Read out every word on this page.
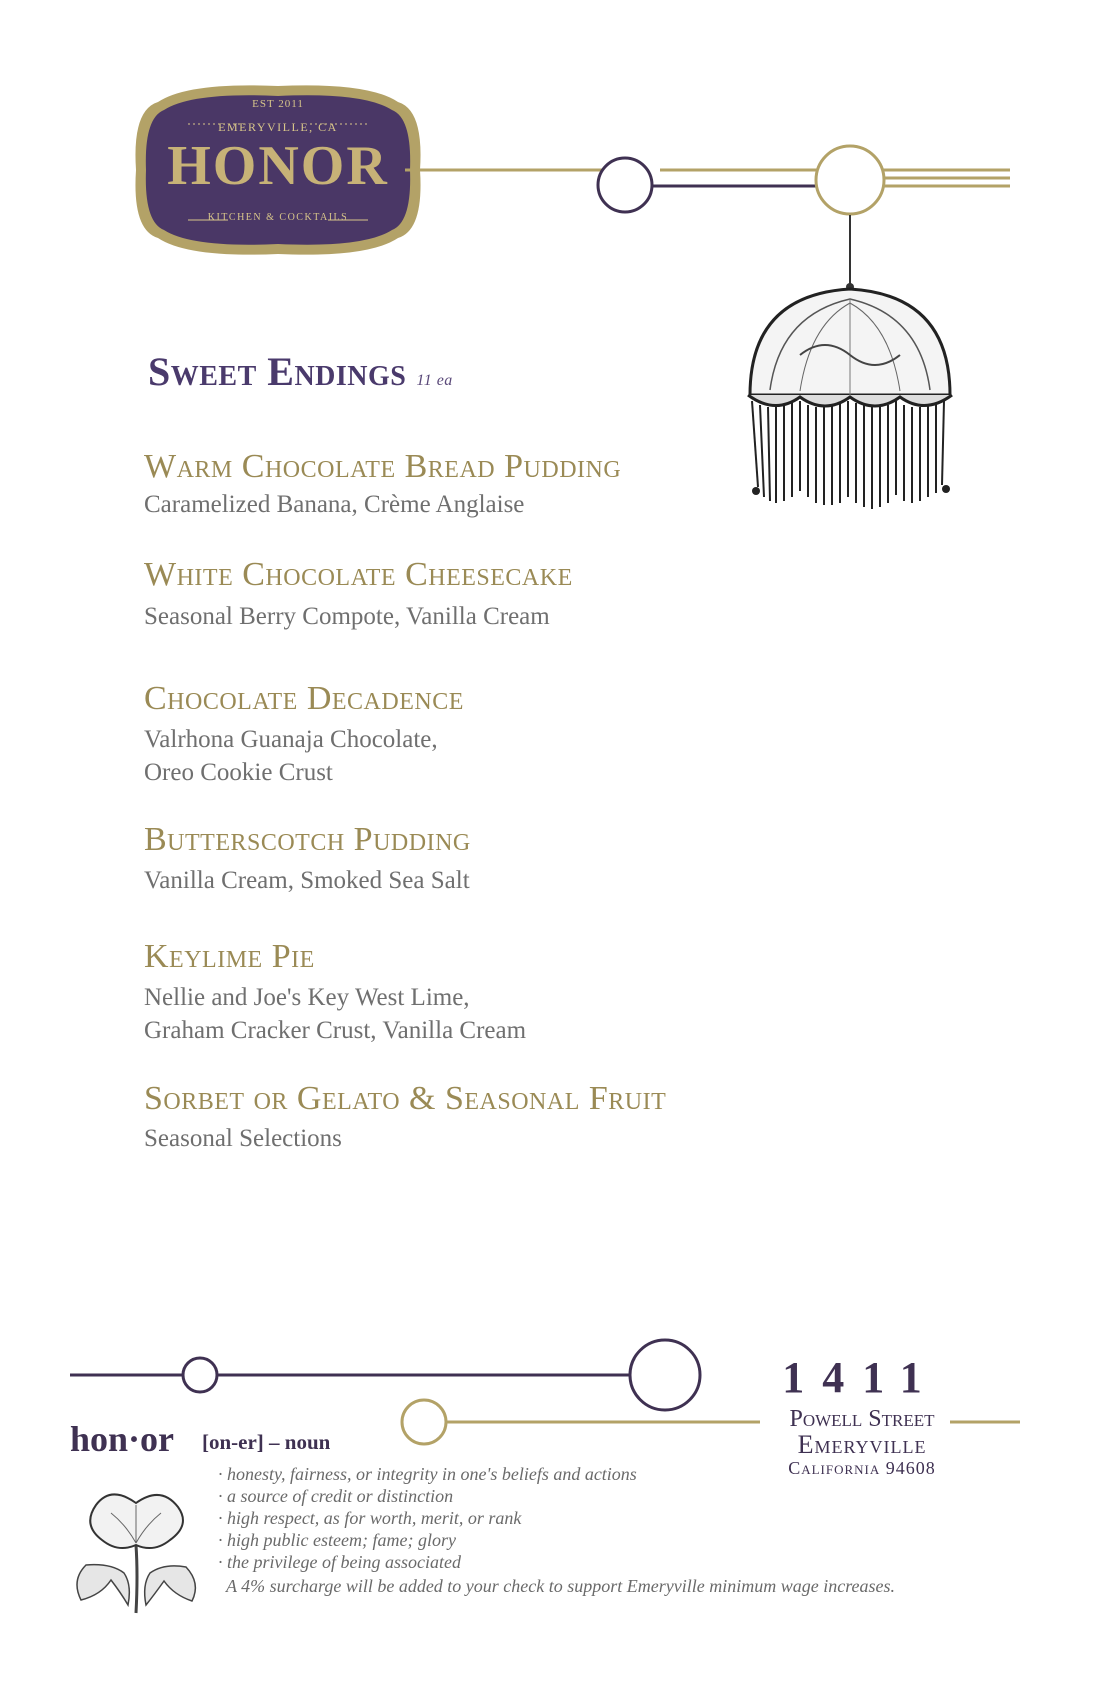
EST 2011
EMERYVILLE, CA
HONOR
KITCHEN & COCKTAILS
Sweet Endings 11 ea
Warm Chocolate Bread Pudding
Caramelized Banana, Crème Anglaise
White Chocolate Cheesecake
Seasonal Berry Compote, Vanilla Cream
Chocolate Decadence
Valrhona Guanaja Chocolate,
Oreo Cookie Crust
Butterscotch Pudding
Vanilla Cream, Smoked Sea Salt
Keylime Pie
Nellie and Joe's Key West Lime,
Graham Cracker Crust, Vanilla Cream
Sorbet or Gelato & Seasonal Fruit
Seasonal Selections
hon·or [on-er] – noun
· honesty, fairness, or integrity in one's beliefs and actions
· a source of credit or distinction
· high respect, as for worth, merit, or rank
· high public esteem; fame; glory
· the privilege of being associated
A 4% surcharge will be added to your check to support Emeryville minimum wage increases.
1411
Powell Street
Emeryville
California 94608
